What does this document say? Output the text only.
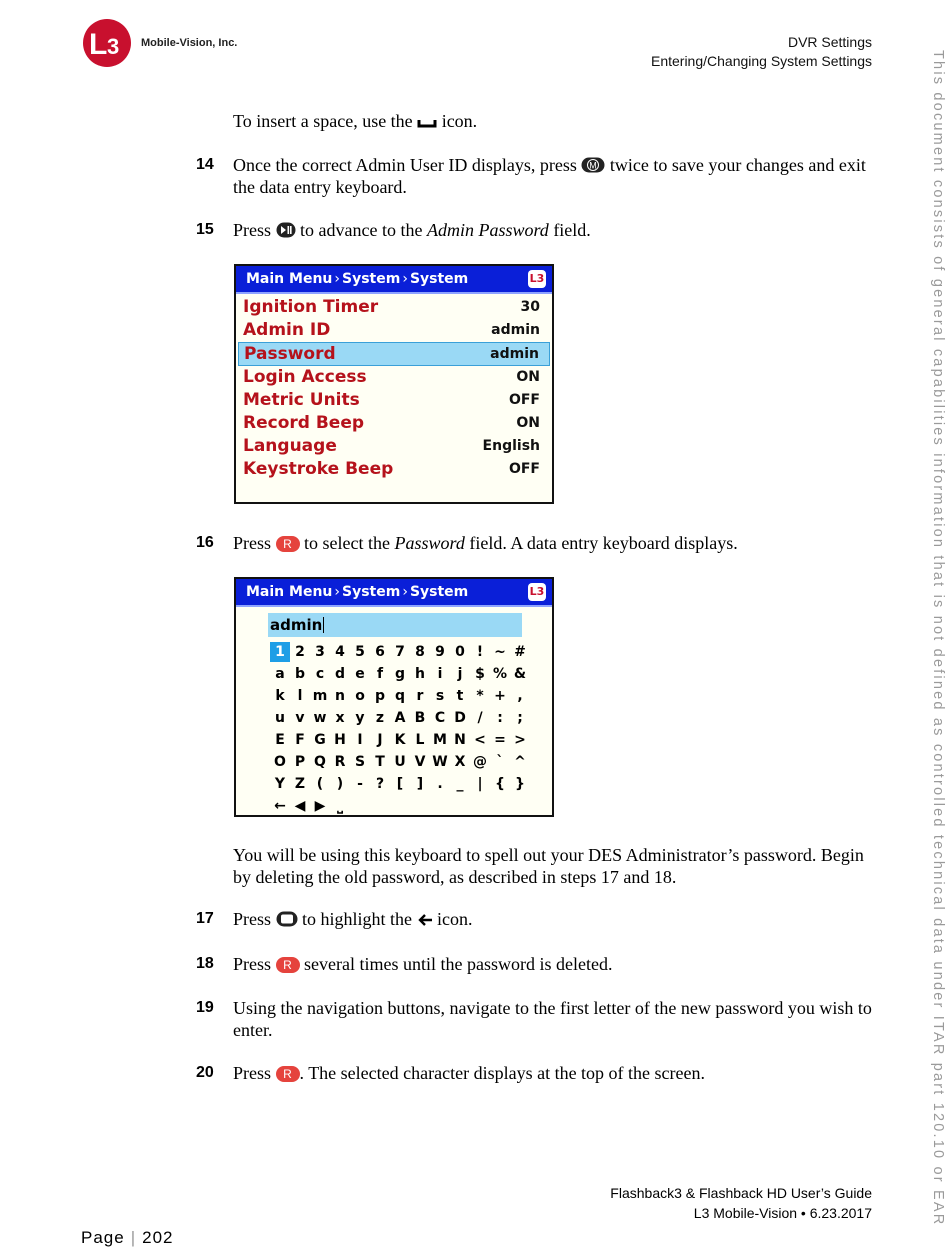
L 3 Mobile-Vision, Inc.	DVR Settings
Entering/Changing System Settings	This document consists of general capabilities information that is not defined as controlled technical data under ITAR part 120.10 or EAR
To insert a space, use the icon.
14 Once the correct Admin User ID displays, press M twice to save your changes and exit the data entry keyboard.
15 Press to advance to the Admin Password field.
Main Menu › System › System	L3
Ignition Timer	30
Admin ID	admin
Password	admin
Login Access	ON
Metric Units	OFF
Record Beep	ON
Language	English
Keystroke Beep	OFF
16 Press R to select the Password field. A data entry keyboard displays.
Main Menu › System › System	L3
admin
1 2 3 4 5 6 7 8 9 0 ! ~ #
a b c d e f g h i j $ % &
k l m n o p q r s t * + ,
u v w x y z A B C D / : ;
E F G H I J K L M N < = >
O P Q R S T U V W X @ ` ^
Y Z ( ) - ? [ ] . _ | { }
← ◀ ▶ ⎵
You will be using this keyboard to spell out your DES Administrator’s password. Begin by deleting the old password, as described in steps 17 and 18.
17 Press to highlight the icon.
18 Press R several times until the password is deleted.
19 Using the navigation buttons, navigate to the first letter of the new password you wish to enter.
20 Press R . The selected character displays at the top of the screen.
Flashback3 & Flashback HD User’s Guide
L3 Mobile-Vision • 6.23.2017
Page | 202
